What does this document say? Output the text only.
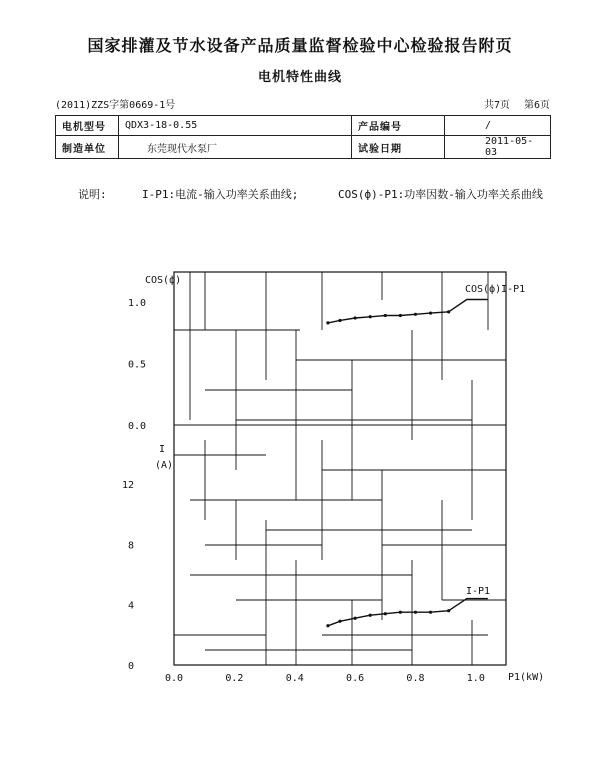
国家排灌及节水设备产品质量监督检验中心检验报告附页
电机特性曲线
(2011)ZZS字第0669-1号	共7页 第6页
电机型号	QDX3-18-0.55	产品编号	/
制造单位	东莞现代水泵厂	试验日期	2011-05-03
说明:	I-P1:电流-输入功率关系曲线;	COS(ф)-P1:功率因数-输入功率关系曲线
0.0	0.2	0.4	0.6	0.8	1.0
1.0
0.5
0.0
12
8
4
0
P1(kW)
COS(ф)
I
(A)
COS(ф)I-P1
I-P1
